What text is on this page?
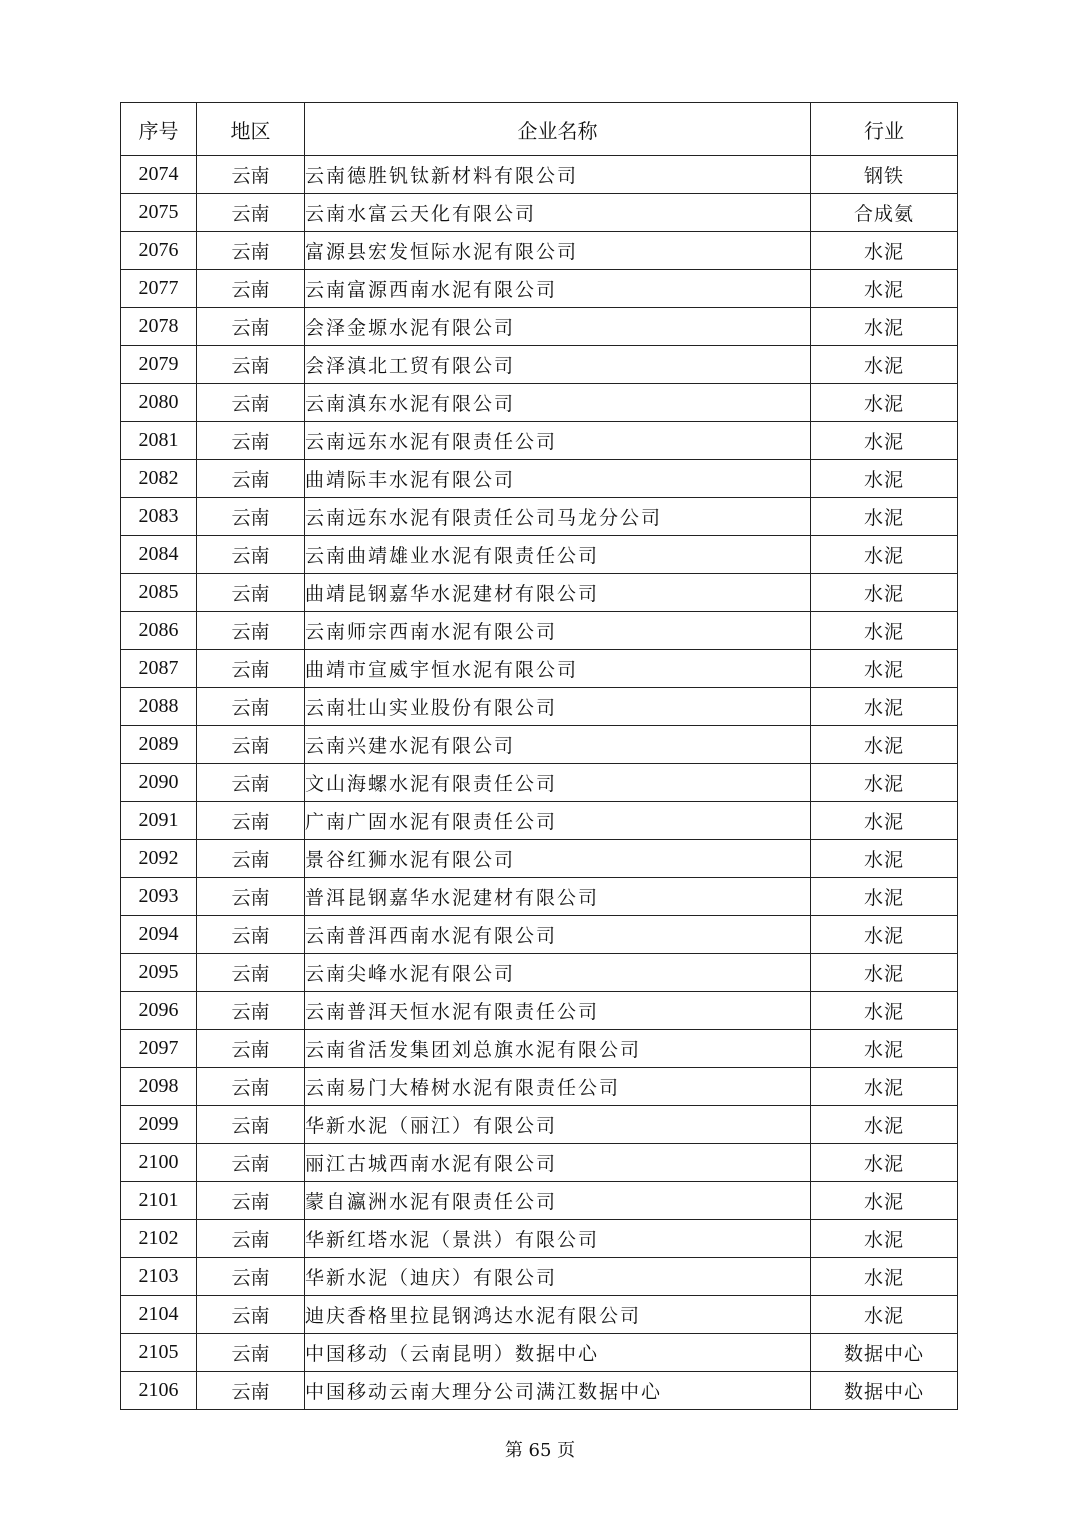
序号	地区	企业名称	行业
2074	云南	云南德胜钒钛新材料有限公司	钢铁
2075	云南	云南水富云天化有限公司	合成氨
2076	云南	富源县宏发恒际水泥有限公司	水泥
2077	云南	云南富源西南水泥有限公司	水泥
2078	云南	会泽金塬水泥有限公司	水泥
2079	云南	会泽滇北工贸有限公司	水泥
2080	云南	云南滇东水泥有限公司	水泥
2081	云南	云南远东水泥有限责任公司	水泥
2082	云南	曲靖际丰水泥有限公司	水泥
2083	云南	云南远东水泥有限责任公司马龙分公司	水泥
2084	云南	云南曲靖雄业水泥有限责任公司	水泥
2085	云南	曲靖昆钢嘉华水泥建材有限公司	水泥
2086	云南	云南师宗西南水泥有限公司	水泥
2087	云南	曲靖市宣威宇恒水泥有限公司	水泥
2088	云南	云南壮山实业股份有限公司	水泥
2089	云南	云南兴建水泥有限公司	水泥
2090	云南	文山海螺水泥有限责任公司	水泥
2091	云南	广南广固水泥有限责任公司	水泥
2092	云南	景谷红狮水泥有限公司	水泥
2093	云南	普洱昆钢嘉华水泥建材有限公司	水泥
2094	云南	云南普洱西南水泥有限公司	水泥
2095	云南	云南尖峰水泥有限公司	水泥
2096	云南	云南普洱天恒水泥有限责任公司	水泥
2097	云南	云南省活发集团刘总旗水泥有限公司	水泥
2098	云南	云南易门大椿树水泥有限责任公司	水泥
2099	云南	华新水泥（丽江）有限公司	水泥
2100	云南	丽江古城西南水泥有限公司	水泥
2101	云南	蒙自瀛洲水泥有限责任公司	水泥
2102	云南	华新红塔水泥（景洪）有限公司	水泥
2103	云南	华新水泥（迪庆）有限公司	水泥
2104	云南	迪庆香格里拉昆钢鸿达水泥有限公司	水泥
2105	云南	中国移动（云南昆明）数据中心	数据中心
2106	云南	中国移动云南大理分公司满江数据中心	数据中心
第 65 页
